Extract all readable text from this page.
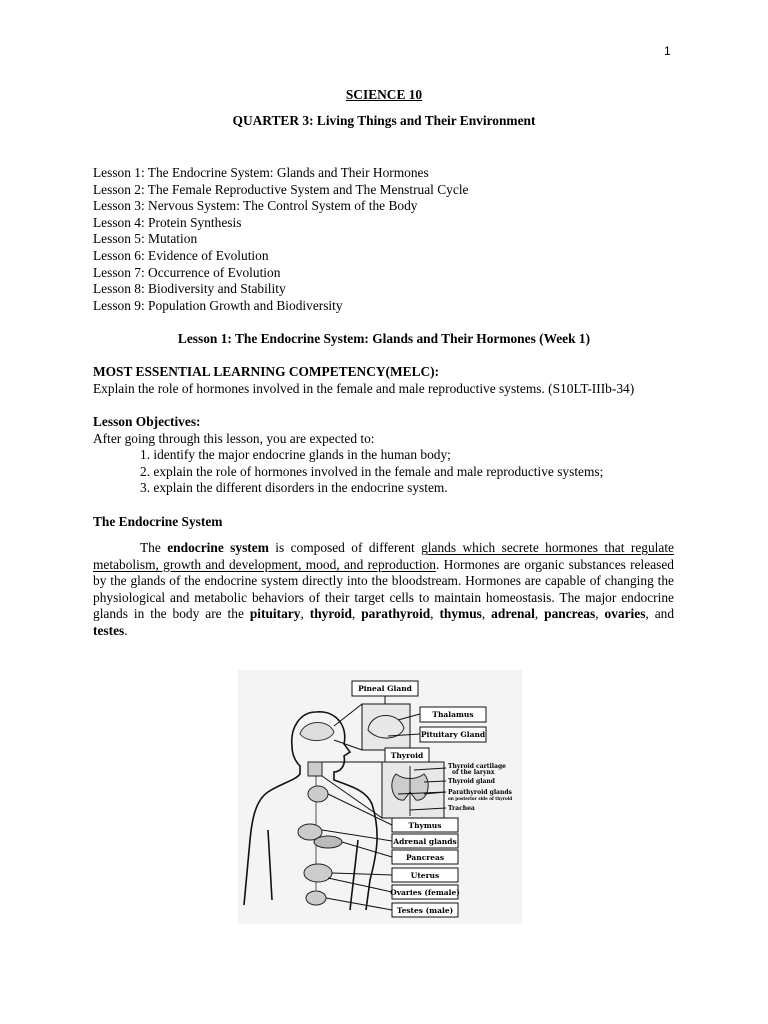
1
SCIENCE 10
QUARTER 3: Living Things and Their Environment
Lesson 1: The Endocrine System: Glands and Their Hormones
Lesson 2: The Female Reproductive System and The Menstrual Cycle
Lesson 3: Nervous System: The Control System of the Body
Lesson 4: Protein Synthesis
Lesson 5: Mutation
Lesson 6: Evidence of Evolution
Lesson 7: Occurrence of Evolution
Lesson 8: Biodiversity and Stability
Lesson 9: Population Growth and Biodiversity
Lesson 1: The Endocrine System: Glands and Their Hormones (Week 1)
MOST ESSENTIAL LEARNING COMPETENCY(MELC):
Explain the role of hormones involved in the female and male reproductive systems. (S10LT-IIIb-34)
Lesson Objectives:
After going through this lesson, you are expected to:
1. identify the major endocrine glands in the human body;
2. explain the role of hormones involved in the female and male reproductive systems;
3. explain the different disorders in the endocrine system.
The Endocrine System
The endocrine system is composed of different glands which secrete hormones that regulate metabolism, growth and development, mood, and reproduction. Hormones are organic substances released by the glands of the endocrine system directly into the bloodstream. Hormones are capable of changing the physiological and metabolic behaviors of their target cells to maintain homeostasis. The major endocrine glands in the body are the pituitary, thyroid, parathyroid, thymus, adrenal, pancreas, ovaries, and testes.
Pineal Gland
Thalamus
Pituitary Gland
Thyroid
Thyroid cartilage
of the larynx
Thyroid gland
Parathyroid glands
on posterior side of thyroid
Trachea
Thymus
Adrenal glands
Pancreas
Uterus
Ovaries (female)
Testes (male)
